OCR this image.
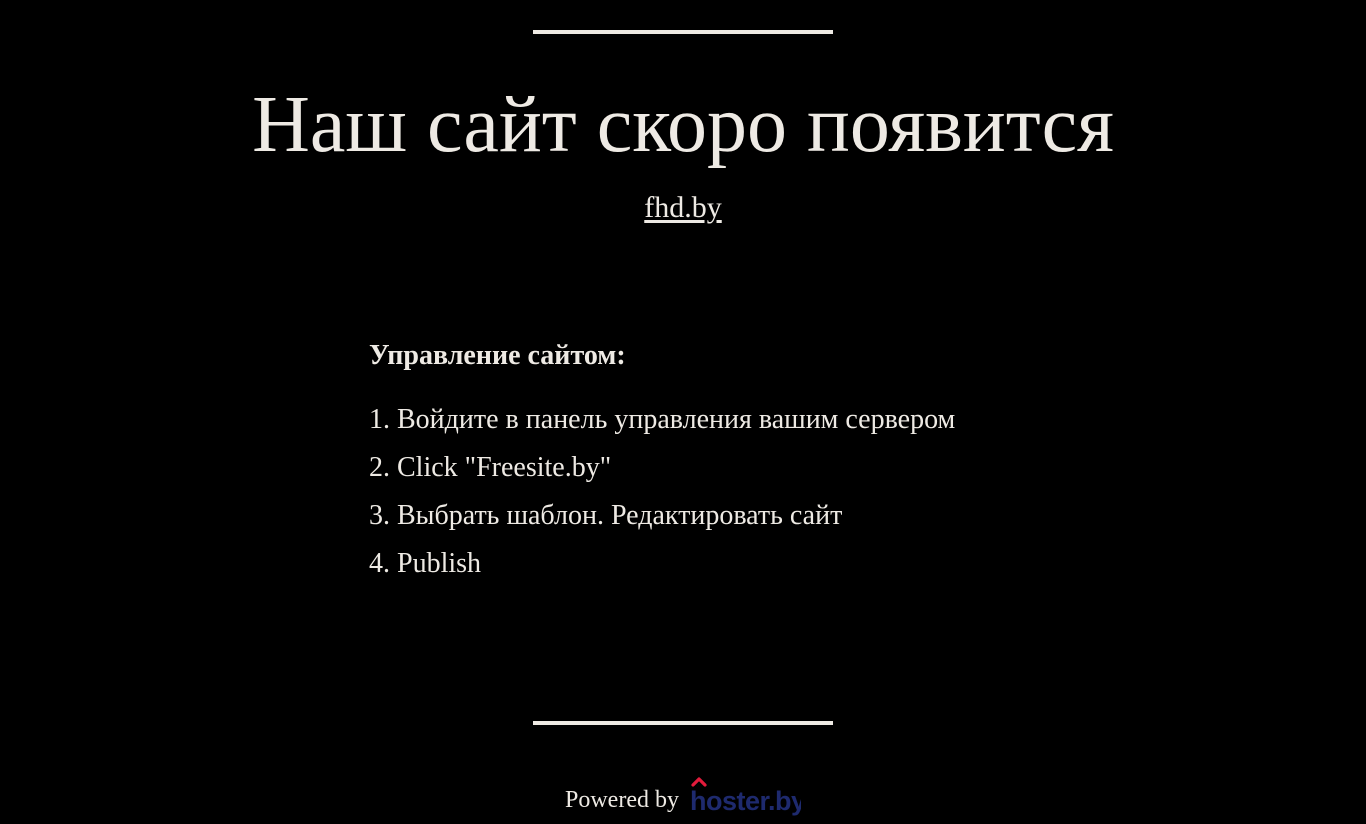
Наш сайт скоро появится
fhd.by
Управление сайтом:
1. Войдите в панель управления вашим сервером
2. Click "Freesite.by"
3. Выбрать шаблон. Редактировать сайт
4. Publish
Powered by hoster.by
